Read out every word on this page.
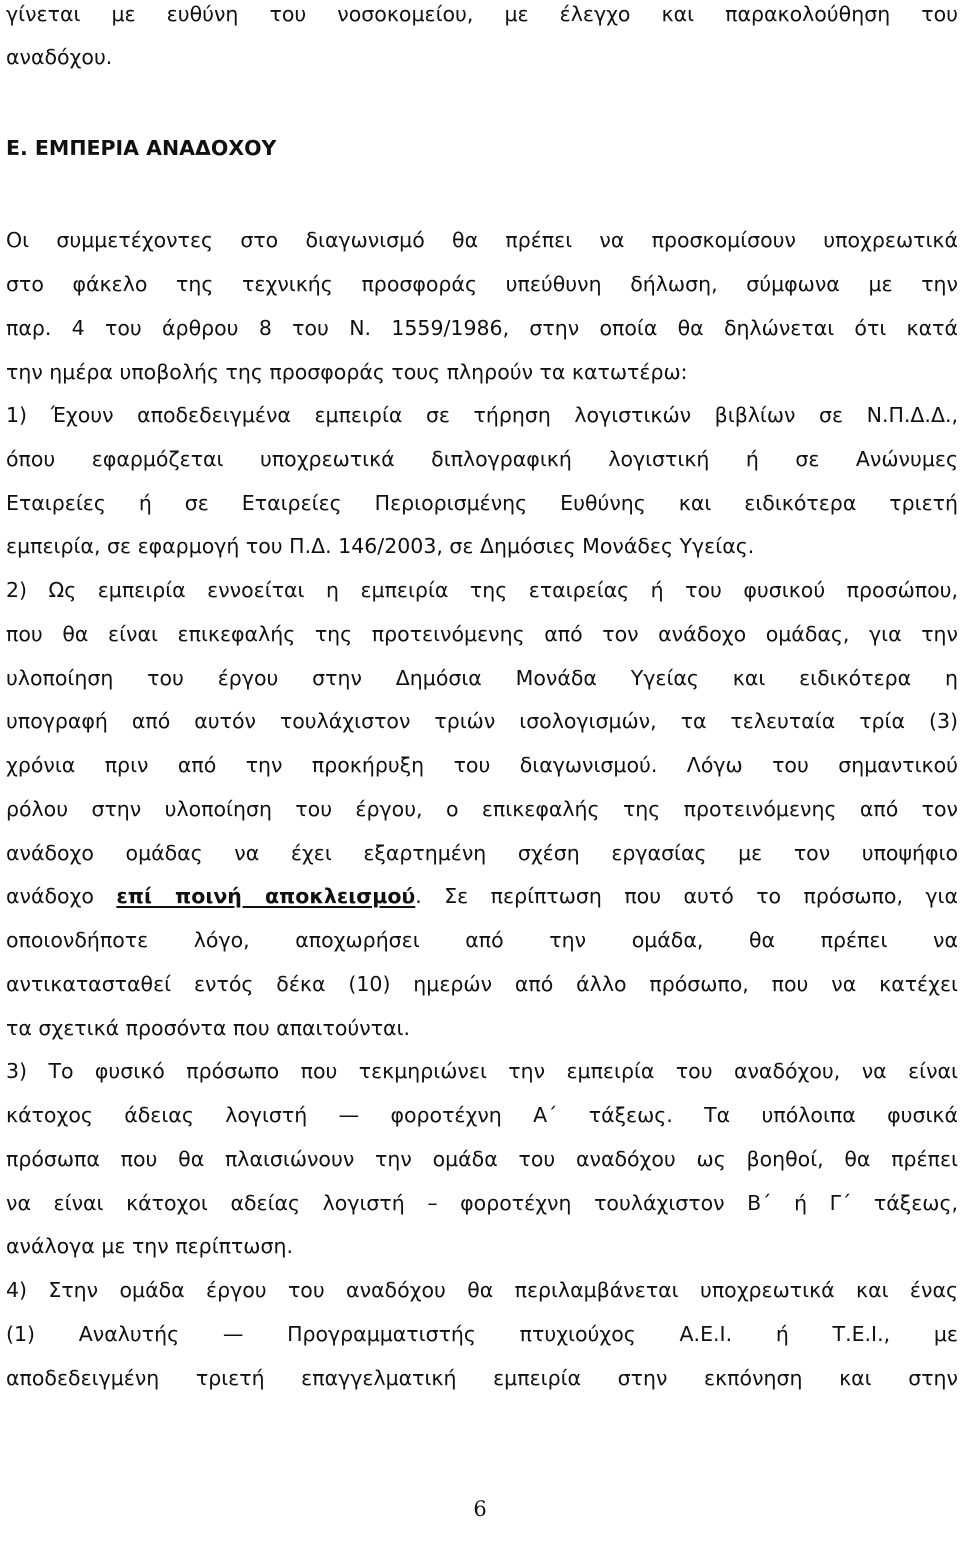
γίνεται με ευθύνη του νοσοκομείου, με έλεγχο και παρακολούθηση του
αναδόχου.
Ε. ΕΜΠΕΡΙΑ ΑΝΑΔΟΧΟΥ
Οι συμμετέχοντες στο διαγωνισμό θα πρέπει να προσκομίσουν υποχρεωτικά
στο φάκελο της τεχνικής προσφοράς υπεύθυνη δήλωση, σύμφωνα με την
παρ. 4 του άρθρου 8 του Ν. 1559/1986, στην οποία θα δηλώνεται ότι κατά
την ημέρα υποβολής της προσφοράς τους πληρούν τα κατωτέρω:
1) Έχουν αποδεδειγμένα εμπειρία σε τήρηση λογιστικών βιβλίων σε Ν.Π.Δ.Δ.,
όπου εφαρμόζεται υποχρεωτικά διπλογραφική λογιστική ή σε Ανώνυμες
Εταιρείες ή σε Εταιρείες Περιορισμένης Ευθύνης και ειδικότερα τριετή
εμπειρία, σε εφαρμογή του Π.Δ. 146/2003, σε Δημόσιες Μονάδες Υγείας.
2) Ως εμπειρία εννοείται η εμπειρία της εταιρείας ή του φυσικού προσώπου,
που θα είναι επικεφαλής της προτεινόμενης από τον ανάδοχο ομάδας, για την
υλοποίηση του έργου στην Δημόσια Μονάδα Υγείας και ειδικότερα η
υπογραφή από αυτόν τουλάχιστον τριών ισολογισμών, τα τελευταία τρία (3)
χρόνια πριν από την προκήρυξη του διαγωνισμού. Λόγω του σημαντικού
ρόλου στην υλοποίηση του έργου, ο επικεφαλής της προτεινόμενης από τον
ανάδοχο ομάδας να έχει εξαρτημένη σχέση εργασίας με τον υποψήφιο
ανάδοχο επί ποινή αποκλεισμού. Σε περίπτωση που αυτό το πρόσωπο, για
οποιονδήποτε λόγο, αποχωρήσει από την ομάδα, θα πρέπει να
αντικατασταθεί εντός δέκα (10) ημερών από άλλο πρόσωπο, που να κατέχει
τα σχετικά προσόντα που απαιτούνται.
3) Το φυσικό πρόσωπο που τεκμηριώνει την εμπειρία του αναδόχου, να είναι
κάτοχος άδειας λογιστή — φοροτέχνη Α΄ τάξεως. Τα υπόλοιπα φυσικά
πρόσωπα που θα πλαισιώνουν την ομάδα του αναδόχου ως βοηθοί, θα πρέπει
να είναι κάτοχοι αδείας λογιστή – φοροτέχνη τουλάχιστον Β΄ ή Γ΄ τάξεως,
ανάλογα με την περίπτωση.
4) Στην ομάδα έργου του αναδόχου θα περιλαμβάνεται υποχρεωτικά και ένας
(1) Αναλυτής — Προγραμματιστής πτυχιούχος Α.Ε.Ι. ή Τ.Ε.Ι., με
αποδεδειγμένη τριετή επαγγελματική εμπειρία στην εκπόνηση και στην
6
